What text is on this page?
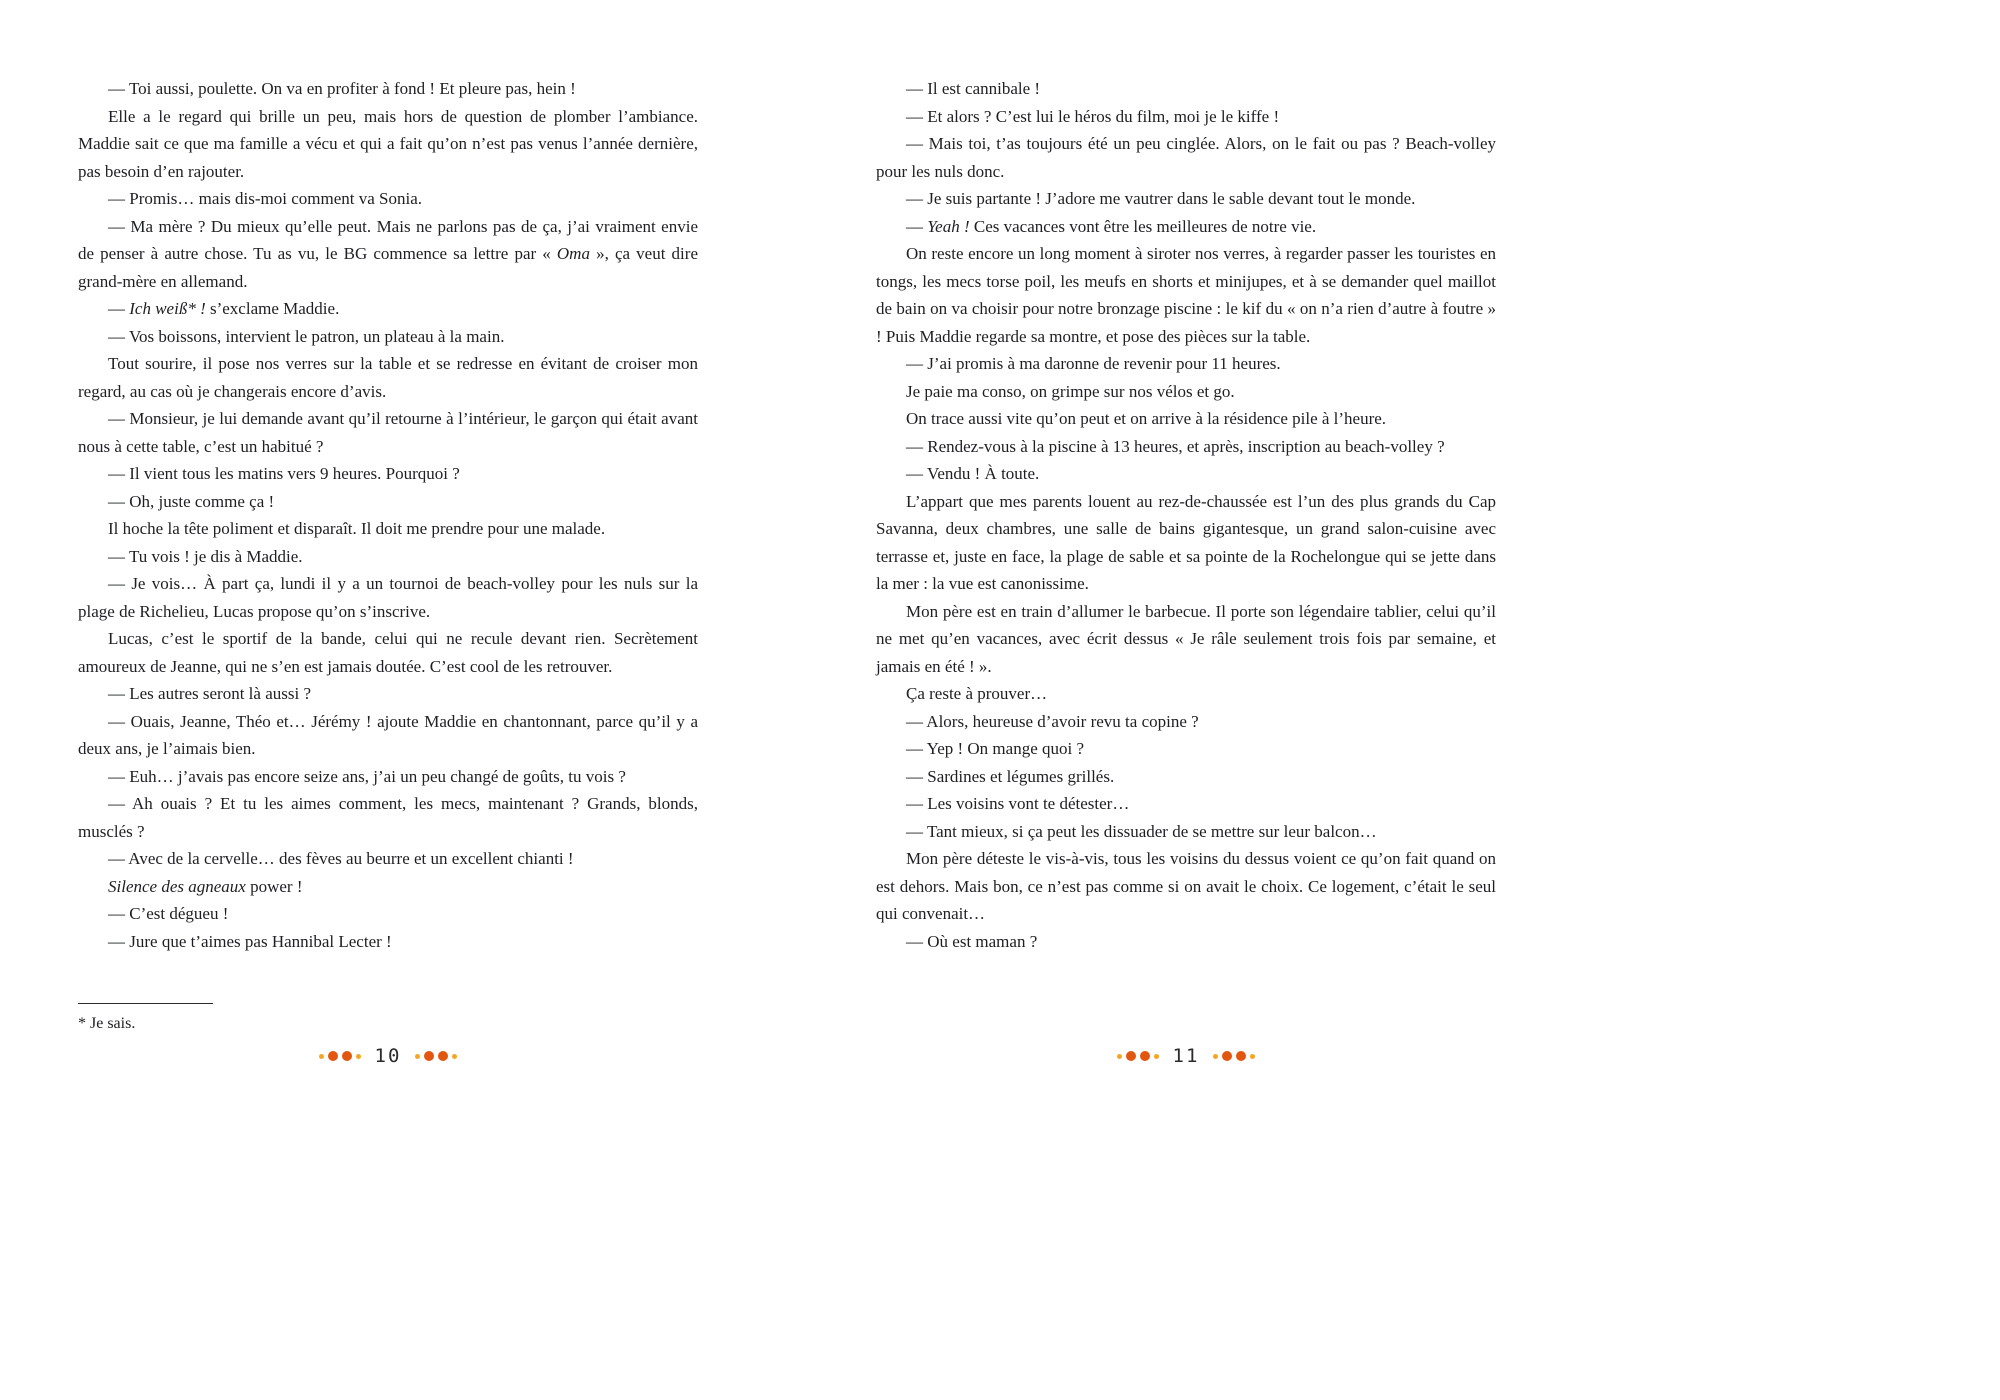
— Toi aussi, poulette. On va en profiter à fond ! Et pleure pas, hein !

Elle a le regard qui brille un peu, mais hors de question de plomber l’ambiance. Maddie sait ce que ma famille a vécu et qui a fait qu’on n’est pas venus l’année dernière, pas besoin d’en rajouter.

— Promis… mais dis-moi comment va Sonia.

— Ma mère ? Du mieux qu’elle peut. Mais ne parlons pas de ça, j’ai vraiment envie de penser à autre chose. Tu as vu, le BG commence sa lettre par « Oma », ça veut dire grand-mère en allemand.

— Ich weiß* ! s’exclame Maddie.

— Vos boissons, intervient le patron, un plateau à la main.

Tout sourire, il pose nos verres sur la table et se redresse en évitant de croiser mon regard, au cas où je changerais encore d’avis.

— Monsieur, je lui demande avant qu’il retourne à l’intérieur, le garçon qui était avant nous à cette table, c’est un habitué ?

— Il vient tous les matins vers 9 heures. Pourquoi ?

— Oh, juste comme ça !

Il hoche la tête poliment et disparaît. Il doit me prendre pour une malade.

— Tu vois ! je dis à Maddie.

— Je vois… À part ça, lundi il y a un tournoi de beach-volley pour les nuls sur la plage de Richelieu, Lucas propose qu’on s’inscrive.

Lucas, c’est le sportif de la bande, celui qui ne recule devant rien. Secrètement amoureux de Jeanne, qui ne s’en est jamais doutée. C’est cool de les retrouver.

— Les autres seront là aussi ?

— Ouais, Jeanne, Théo et… Jérémy ! ajoute Maddie en chantonnant, parce qu’il y a deux ans, je l’aimais bien.

— Euh… j’avais pas encore seize ans, j’ai un peu changé de goûts, tu vois ?

— Ah ouais ? Et tu les aimes comment, les mecs, maintenant ? Grands, blonds, musclés ?

— Avec de la cervelle… des fèves au beurre et un excellent chianti !

Silence des agneaux power !

— C’est dégueu !

— Jure que t’aimes pas Hannibal Lecter !

* Je sais.
10

— Il est cannibale !

— Et alors ? C’est lui le héros du film, moi je le kiffe !

— Mais toi, t’as toujours été un peu cinglée. Alors, on le fait ou pas ? Beach-volley pour les nuls donc.

— Je suis partante ! J’adore me vautrer dans le sable devant tout le monde.

— Yeah ! Ces vacances vont être les meilleures de notre vie.

On reste encore un long moment à siroter nos verres, à regarder passer les touristes en tongs, les mecs torse poil, les meufs en shorts et minijupes, et à se demander quel maillot de bain on va choisir pour notre bronzage piscine : le kif du « on n’a rien d’autre à foutre » ! Puis Maddie regarde sa montre, et pose des pièces sur la table.

— J’ai promis à ma daronne de revenir pour 11 heures.

Je paie ma conso, on grimpe sur nos vélos et go.

On trace aussi vite qu’on peut et on arrive à la résidence pile à l’heure.

— Rendez-vous à la piscine à 13 heures, et après, inscription au beach-volley ?

— Vendu ! À toute.

L’appart que mes parents louent au rez-de-chaussée est l’un des plus grands du Cap Savanna, deux chambres, une salle de bains gigantesque, un grand salon-cuisine avec terrasse et, juste en face, la plage de sable et sa pointe de la Rochelongue qui se jette dans la mer : la vue est canonissime.

Mon père est en train d’allumer le barbecue. Il porte son légendaire tablier, celui qu’il ne met qu’en vacances, avec écrit dessus « Je râle seulement trois fois par semaine, et jamais en été ! ».

Ça reste à prouver…

— Alors, heureuse d’avoir revu ta copine ?

— Yep ! On mange quoi ?

— Sardines et légumes grillés.

— Les voisins vont te détester…

— Tant mieux, si ça peut les dissuader de se mettre sur leur balcon…

Mon père déteste le vis-à-vis, tous les voisins du dessus voient ce qu’on fait quand on est dehors. Mais bon, ce n’est pas comme si on avait le choix. Ce logement, c’était le seul qui convenait…

— Où est maman ?

11
